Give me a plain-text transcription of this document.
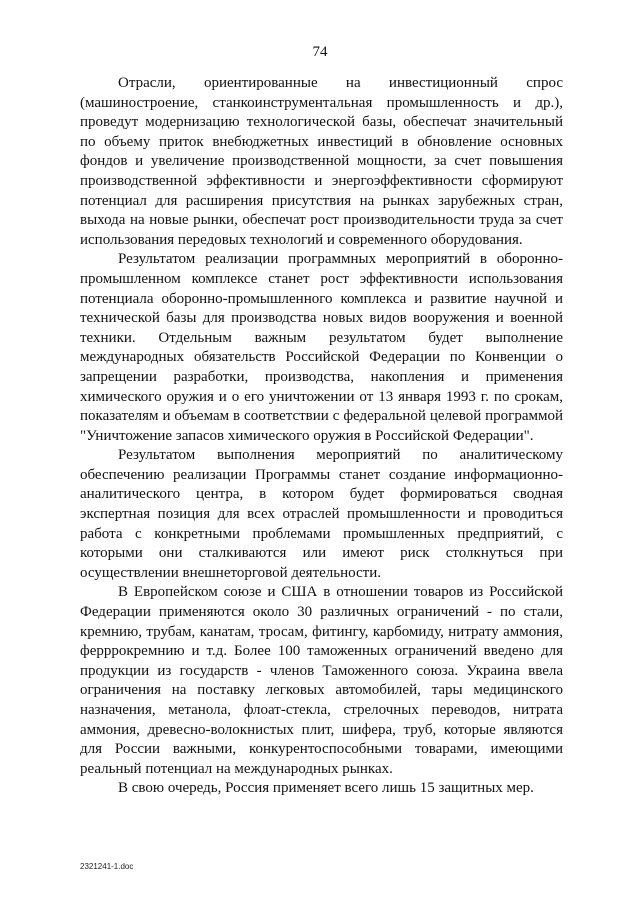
74

Отрасли, ориентированные на инвестиционный спрос (машиностроение, станкоинструментальная промышленность и др.), проведут модернизацию технологической базы, обеспечат значительный по объему приток внебюджетных инвестиций в обновление основных фондов и увеличение производственной мощности, за счет повышения производственной эффективности и энергоэффективности сформируют потенциал для расширения присутствия на рынках зарубежных стран, выхода на новые рынки, обеспечат рост производительности труда за счет использования передовых технологий и современного оборудования.

Результатом реализации программных мероприятий в оборонно-промышленном комплексе станет рост эффективности использования потенциала оборонно-промышленного комплекса и развитие научной и технической базы для производства новых видов вооружения и военной техники. Отдельным важным результатом будет выполнение международных обязательств Российской Федерации по Конвенции о запрещении разработки, производства, накопления и применения химического оружия и о его уничтожении от 13 января 1993 г. по срокам, показателям и объемам в соответствии с федеральной целевой программой "Уничтожение запасов химического оружия в Российской Федерации".

Результатом выполнения мероприятий по аналитическому обеспечению реализации Программы станет создание информационно-аналитического центра, в котором будет формироваться сводная экспертная позиция для всех отраслей промышленности и проводиться работа с конкретными проблемами промышленных предприятий, с которыми они сталкиваются или имеют риск столкнуться при осуществлении внешнеторговой деятельности.

В Европейском союзе и США в отношении товаров из Российской Федерации применяются около 30 различных ограничений - по стали, кремнию, трубам, канатам, тросам, фитингу, карбомиду, нитрату аммония, ферррокремнию и т.д. Более 100 таможенных ограничений введено для продукции из государств - членов Таможенного союза. Украина ввела ограничения на поставку легковых автомобилей, тары медицинского назначения, метанола, флоат-стекла, стрелочных переводов, нитрата аммония, древесно-волокнистых плит, шифера, труб, которые являются для России важными, конкурентоспособными товарами, имеющими реальный потенциал на международных рынках.

В свою очередь, Россия применяет всего лишь 15 защитных мер.

2321241-1.doc
